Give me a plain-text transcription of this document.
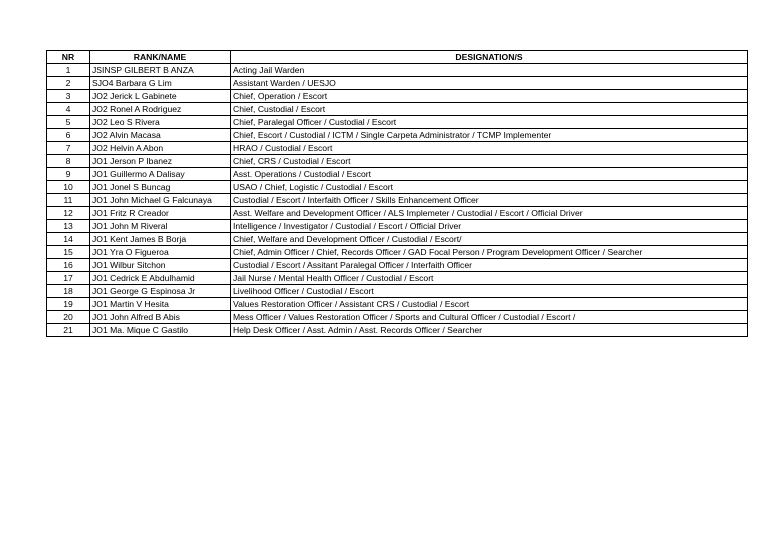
NR	RANK/NAME	DESIGNATION/S
1	JSINSP GILBERT B ANZA	Acting Jail Warden
2	SJO4 Barbara G Lim	Assistant Warden / UESJO
3	JO2 Jerick L Gabinete	Chief, Operation / Escort
4	JO2 Ronel A Rodriguez	Chief, Custodial / Escort
5	JO2 Leo S Rivera	Chief, Paralegal Officer / Custodial / Escort
6	JO2 Alvin Macasa	Chief, Escort / Custodial / ICTM / Single Carpeta Administrator / TCMP Implementer
7	JO2 Helvin A Abon	HRAO / Custodial / Escort
8	JO1 Jerson P Ibanez	Chief, CRS / Custodial / Escort
9	JO1 Guillermo A Dalisay	Asst. Operations / Custodial / Escort
10	JO1 Jonel S Buncag	USAO / Chief, Logistic / Custodial / Escort
11	JO1 John Michael G Falcunaya	Custodial / Escort / Interfaith Officer / Skills Enhancement Officer
12	JO1 Fritz R Creador	Asst. Welfare and Development Officer / ALS Implemeter / Custodial / Escort / Official Driver
13	JO1 John M Riveral	Intelligence / Investigator / Custodial / Escort / Official Driver
14	JO1 Kent James B Borja	Chief, Welfare and Development Officer / Custodial / Escort/
15	JO1 Yra O Figueroa	Chief, Admin Officer / Chief, Records Officer / GAD Focal Person / Program Development Officer / Searcher
16	JO1 Wilbur Sitchon	Custodial / Escort / Assitant Paralegal Officer / Interfaith Officer
17	JO1 Cedrick E Abdulhamid	Jail Nurse / Mental Health Officer / Custodial / Escort
18	JO1 George G Espinosa Jr	Livelihood Officer / Custodial / Escort
19	JO1 Martin V Hesita	Values Restoration Officer / Assistant CRS / Custodial / Escort
20	JO1 John Alfred B Abis	Mess Officer / Values Restoration Officer / Sports and Cultural Officer / Custodial / Escort /
21	JO1 Ma. Mique C Gastilo	Help Desk Officer / Asst. Admin / Asst. Records Officer / Searcher
